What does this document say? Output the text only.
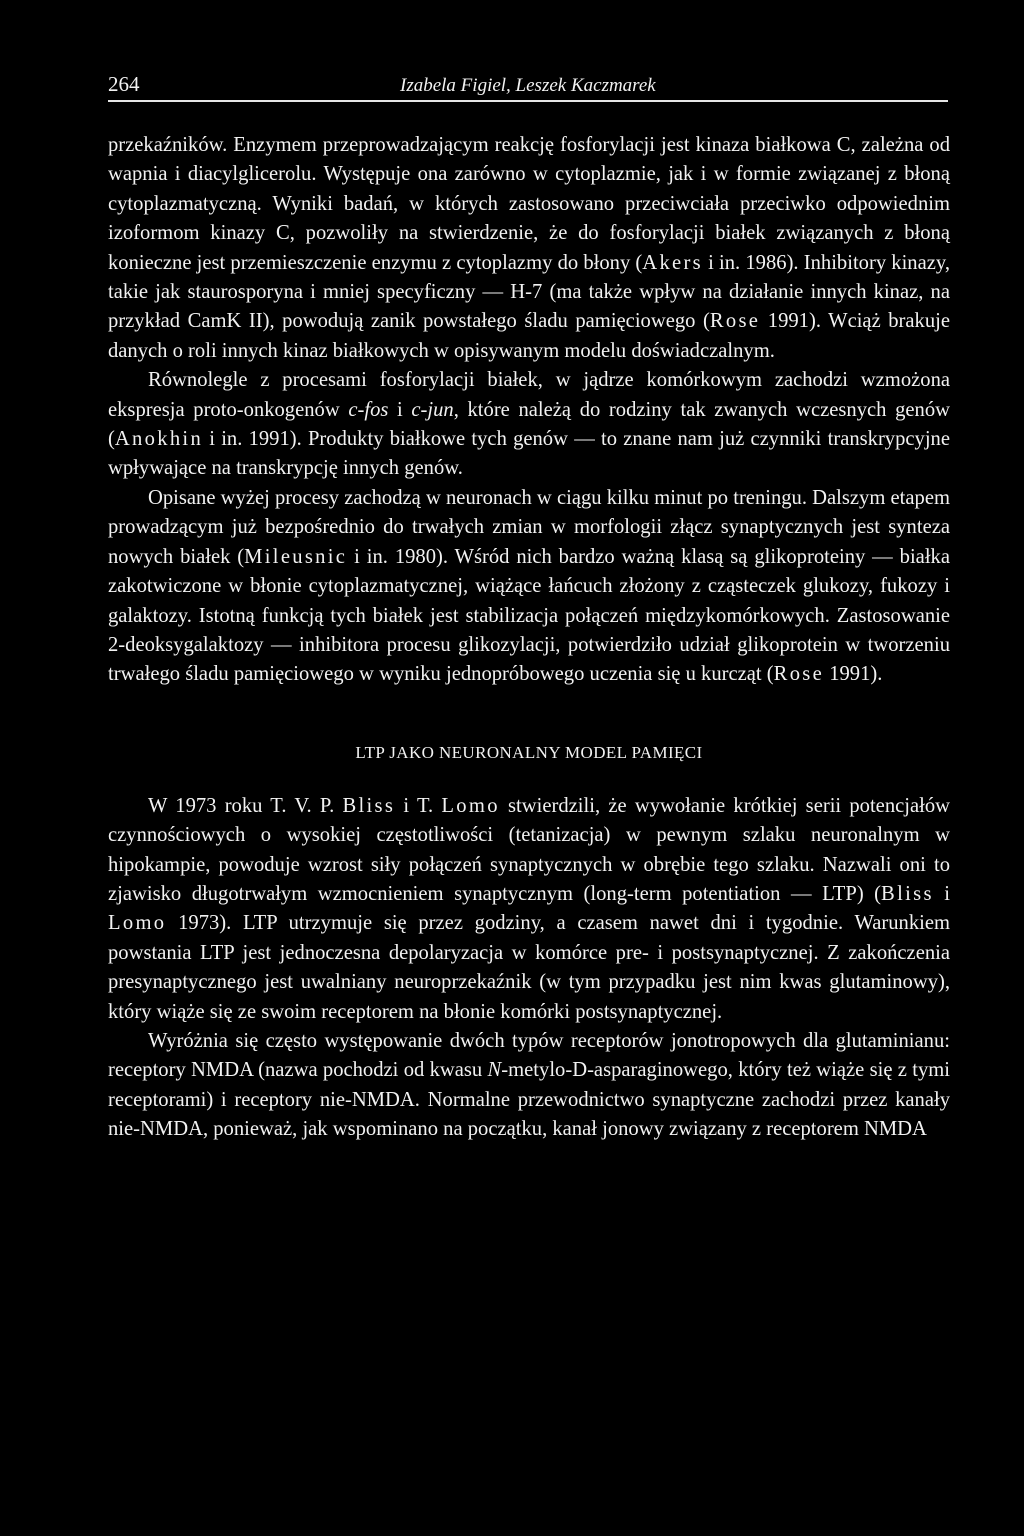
264	Izabela Figiel, Leszek Kaczmarek

przekaźników. Enzymem przeprowadzającym reakcję fosforylacji jest kinaza białkowa C, zależna od wapnia i diacylglicerolu. Występuje ona zarówno w cytoplazmie, jak i w formie związanej z błoną cytoplazmatyczną. Wyniki badań, w których zastosowano przeciwciała przeciwko odpowiednim izoformom kinazy C, pozwoliły na stwierdzenie, że do fosforylacji białek związanych z błoną konieczne jest przemieszczenie enzymu z cytoplazmy do błony (Akers i in. 1986). Inhibitory kinazy, takie jak staurosporyna i mniej specyficzny — H-7 (ma także wpływ na działanie innych kinaz, na przykład CamK II), powodują zanik powstałego śladu pamięciowego (Rose 1991). Wciąż brakuje danych o roli innych kinaz białkowych w opisywanym modelu doświadczalnym.

Równolegle z procesami fosforylacji białek, w jądrze komórkowym zachodzi wzmożona ekspresja proto-onkogenów c-fos i c-jun, które należą do rodziny tak zwanych wczesnych genów (Anokhin i in. 1991). Produkty białkowe tych genów — to znane nam już czynniki transkrypcyjne wpływające na transkrypcję innych genów.

Opisane wyżej procesy zachodzą w neuronach w ciągu kilku minut po treningu. Dalszym etapem prowadzącym już bezpośrednio do trwałych zmian w morfologii złącz synaptycznych jest synteza nowych białek (Mileusnic i in. 1980). Wśród nich bardzo ważną klasą są glikoproteiny — białka zakotwiczone w błonie cytoplazmatycznej, wiążące łańcuch złożony z cząsteczek glukozy, fukozy i galaktozy. Istotną funkcją tych białek jest stabilizacja połączeń międzykomórkowych. Zastosowanie 2-deoksygalaktozy — inhibitora procesu glikozylacji, potwierdziło udział glikoprotein w tworzeniu trwałego śladu pamięciowego w wyniku jednopróbowego uczenia się u kurcząt (Rose 1991).

LTP JAKO NEURONALNY MODEL PAMIĘCI

W 1973 roku T. V. P. Bliss i T. Lomo stwierdzili, że wywołanie krótkiej serii potencjałów czynnościowych o wysokiej częstotliwości (tetanizacja) w pewnym szlaku neuronalnym w hipokampie, powoduje wzrost siły połączeń synaptycznych w obrębie tego szlaku. Nazwali oni to zjawisko długotrwałym wzmocnieniem synaptycznym (long-term potentiation — LTP) (Bliss i Lomo 1973). LTP utrzymuje się przez godziny, a czasem nawet dni i tygodnie. Warunkiem powstania LTP jest jednoczesna depolaryzacja w komórce pre- i postsynaptycznej. Z zakończenia presynaptycznego jest uwalniany neuroprzekaźnik (w tym przypadku jest nim kwas glutaminowy), który wiąże się ze swoim receptorem na błonie komórki postsynaptycznej.

Wyróżnia się często występowanie dwóch typów receptorów jonotropowych dla glutaminianu: receptory NMDA (nazwa pochodzi od kwasu N-metylo-D-asparaginowego, który też wiąże się z tymi receptorami) i receptory nie-NMDA. Normalne przewodnictwo synaptyczne zachodzi przez kanały nie-NMDA, ponieważ, jak wspominano na początku, kanał jonowy związany z receptorem NMDA
